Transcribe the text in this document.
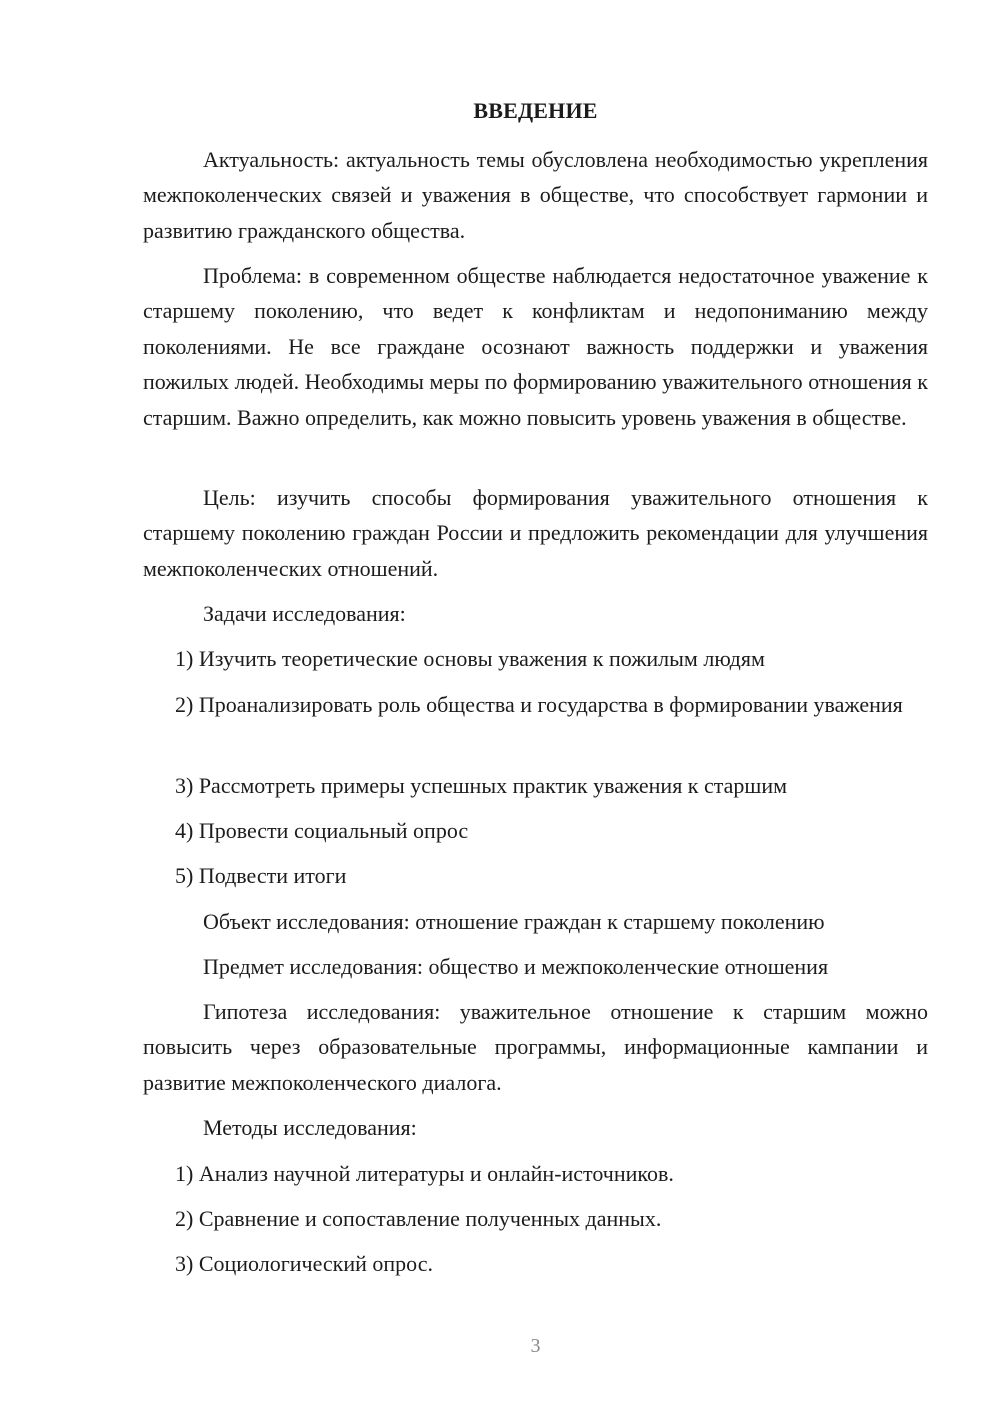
ВВЕДЕНИЕ

Актуальность: актуальность темы обусловлена необходимостью укрепления межпоколенческих связей и уважения в обществе, что способствует гармонии и развитию гражданского общества.

Проблема: в современном обществе наблюдается недостаточное уважение к старшему поколению, что ведет к конфликтам и недопониманию между поколениями. Не все граждане осознают важность поддержки и уважения пожилых людей. Необходимы меры по формированию уважительного отношения к старшим. Важно определить, как можно повысить уровень уважения в обществе.

Цель: изучить способы формирования уважительного отношения к старшему поколению граждан России и предложить рекомендации для улучшения межпоколенческих отношений.

Задачи исследования:

1) Изучить теоретические основы уважения к пожилым людям

2) Проанализировать роль общества и государства в формировании уважения

3) Рассмотреть примеры успешных практик уважения к старшим

4) Провести социальный опрос

5) Подвести итоги

Объект исследования: отношение граждан к старшему поколению

Предмет исследования: общество и межпоколенческие отношения

Гипотеза исследования: уважительное отношение к старшим можно повысить через образовательные программы, информационные кампании и развитие межпоколенческого диалога.

Методы исследования:

1) Анализ научной литературы и онлайн-источников.

2) Сравнение и сопоставление полученных данных.

3) Социологический опрос.

3
